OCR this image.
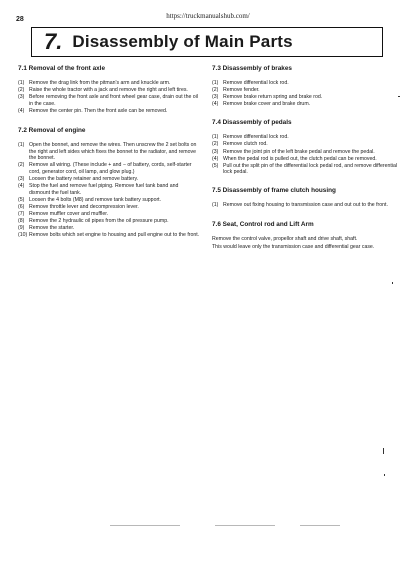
28	https://truckmanualshub.com/
7. Disassembly of Main Parts
7.1 Removal of the front axle
(1) Remove the drag link from the pitman's arm and knuckle arm.
(2) Raise the whole tractor with a jack and remove the right and left tires.
(3) Before removing the front axle and front wheel gear case, drain out the oil in the case.
(4) Remove the center pin. Then the front axle can be removed.
7.2 Removal of engine
(1) Open the bonnet, and remove the wires. Then unscrew the 2 set bolts on the right and left sides which fixes the bonnet to the radiator, and remove the bonnet.
(2) Remove all wiring. (These include + and − of battery, cords, self-starter cord, generator cord, oil lamp, and glow plug.)
(3) Loosen the battery retainer and remove battery.
(4) Stop the fuel and remove fuel piping. Remove fuel tank band and dismount the fuel tank.
(5) Loosen the 4 bolts (M8) and remove tank battery support.
(6) Remove throttle lever and decompression lever.
(7) Remove muffler cover and muffler.
(8) Remove the 2 hydraulic oil pipes from the oil pressure pump.
(9) Remove the starter.
(10) Remove bolts which set engine to housing and pull engine out to the front.
7.3 Disassembly of brakes
(1) Remove differential lock rod.
(2) Remove fender.
(3) Remove brake return spring and brake rod.
(4) Remove brake cover and brake drum.
7.4 Disassembly of pedals
(1) Remove differential lock rod.
(2) Remove clutch rod.
(3) Remove the joint pin of the left brake pedal and remove the pedal.
(4) When the pedal rod is pulled out, the clutch pedal can be removed.
(5) Pull out the split pin of the differential lock pedal rod, and remove differential lock pedal.
7.5 Disassembly of frame clutch housing
(1) Remove out fixing housing to transmission case and out out to the front.
7.6 Seat, Control rod and Lift Arm

Remove the control valve, propellor shaft and drive shaft, shaft.

This would leave only the transmission case and differential gear case.
